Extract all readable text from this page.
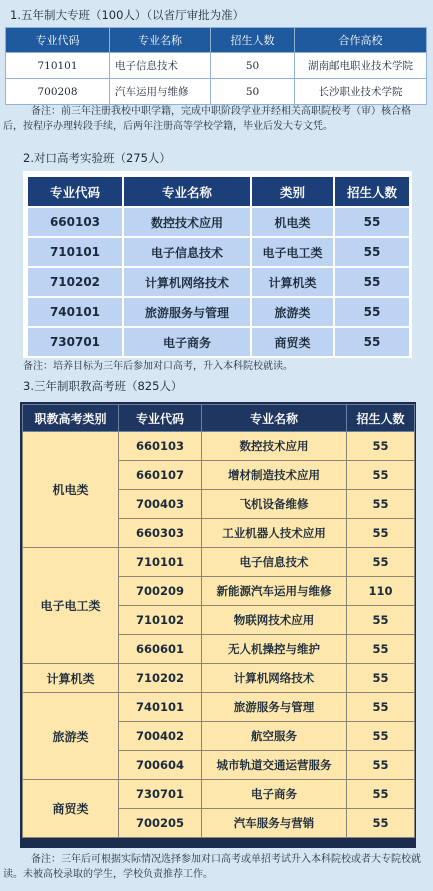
1.五年制大专班（100人）（以省厅审批为准）
专业代码	专业名称	招生人数	合作高校
710101	电子信息技术	50	湖南邮电职业技术学院
700208	汽车运用与维修	50	长沙职业技术学院
备注：前三年注册我校中职学籍，完成中职阶段学业并经相关高职院校考（审）核合格后，按程序办理转段手续，后两年注册高等学校学籍，毕业后发大专文凭。
2.对口高考实验班（275人）
专业代码	专业名称	类别	招生人数
660103	数控技术应用	机电类	55
710101	电子信息技术	电子电工类	55
710202	计算机网络技术	计算机类	55
740101	旅游服务与管理	旅游类	55
730701	电子商务	商贸类	55
备注：培养目标为三年后参加对口高考，升入本科院校就读。
3.三年制职教高考班（825人）
职教高考类别	专业代码	专业名称	招生人数
机电类	660103	数控技术应用	55
	660107	增材制造技术应用	55
	700403	飞机设备维修	55
	660303	工业机器人技术应用	55
电子电工类	710101	电子信息技术	55
	700209	新能源汽车运用与维修	110
	710102	物联网技术应用	55
	660601	无人机操控与维护	55
计算机类	710202	计算机网络技术	55
旅游类	740101	旅游服务与管理	55
	700402	航空服务	55
	700604	城市轨道交通运营服务	55
商贸类	730701	电子商务	55
	700205	汽车服务与营销	55
备注：三年后可根据实际情况选择参加对口高考或单招考试升入本科院校或者大专院校就读。未被高校录取的学生，学校负责推荐工作。
